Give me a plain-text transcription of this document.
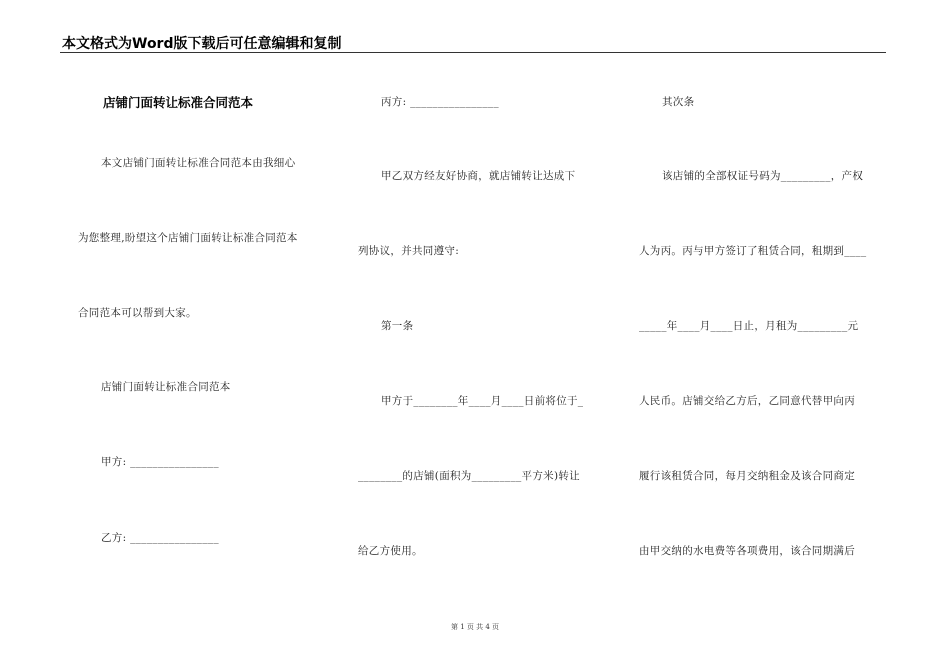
本文格式为Word版下载后可任意编辑和复制
店铺门面转让标准合同范本
本文店铺门面转让标准合同范本由我细心
为您整理,盼望这个店铺门面转让标准合同范本
合同范本可以帮到大家。
店铺门面转让标准合同范本
甲方: ________________
乙方: ________________
丙方: ________________
甲乙双方经友好协商，就店铺转让达成下
列协议，并共同遵守:
第一条
甲方于________年____月____日前将位于_
________的店铺(面积为_________平方米)转让
给乙方使用。
其次条
该店铺的全部权证号码为_________，产权
人为丙。丙与甲方签订了租赁合同，租期到____
_____年____月____日止，月租为_________元
人民币。店铺交给乙方后，乙同意代替甲向丙
履行该租赁合同，每月交纳租金及该合同商定
由甲交纳的水电费等各项费用，该合同期满后
第 1 页 共 4 页
